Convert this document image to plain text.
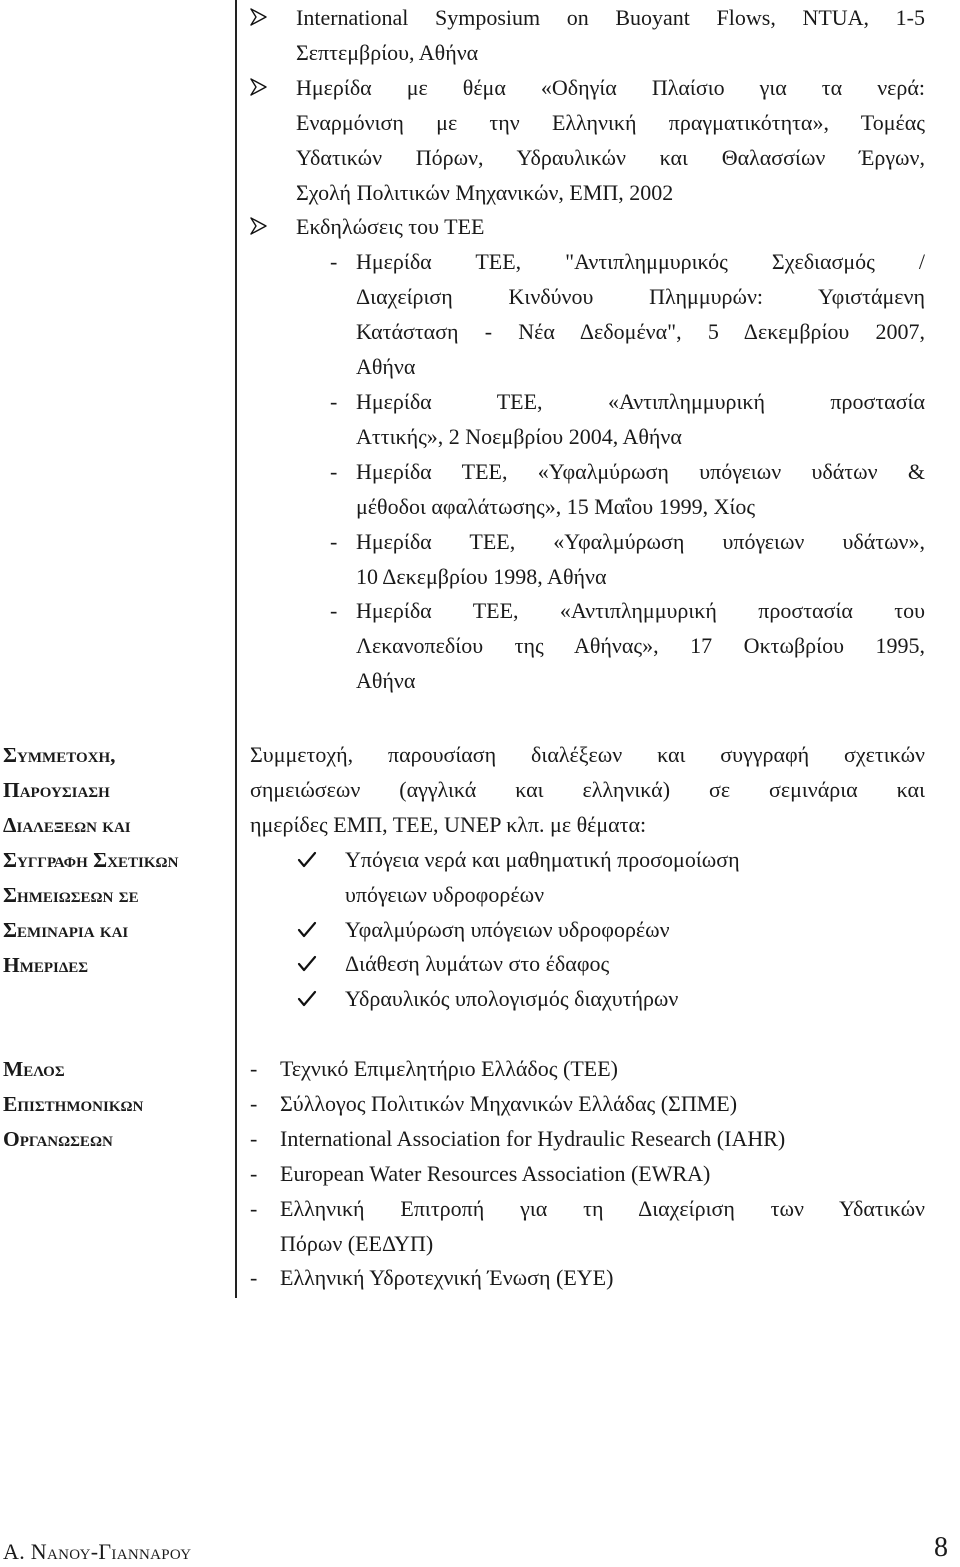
International Symposium on Buoyant Flows, NTUA, 1-5
Σεπτεμβρίου, Αθήνα
Ημερίδα με θέμα «Οδηγία Πλαίσιο για τα νερά:
Εναρμόνιση με την Ελληνική πραγματικότητα», Τομέας
Υδατικών Πόρων, Υδραυλικών και Θαλασσίων Έργων,
Σχολή Πολιτικών Μηχανικών, ΕΜΠ, 2002
Εκδηλώσεις του ΤΕΕ
- Ημερίδα ΤΕΕ, "Αντιπλημμυρικός Σχεδιασμός /
Διαχείριση Κινδύνου Πλημμυρών: Υφιστάμενη
Κατάσταση - Νέα Δεδομένα", 5 Δεκεμβρίου 2007,
Αθήνα
- Ημερίδα ΤΕΕ, «Αντιπλημμυρική προστασία
Αττικής», 2 Νοεμβρίου 2004, Αθήνα
- Ημερίδα ΤΕΕ, «Υφαλμύρωση υπόγειων υδάτων &
μέθοδοι αφαλάτωσης», 15 Μαΐου 1999, Χίος
- Ημερίδα ΤΕΕ, «Υφαλμύρωση υπόγειων υδάτων»,
10 Δεκεμβρίου 1998, Αθήνα
- Ημερίδα ΤΕΕ, «Αντιπλημμυρική προστασία του
Λεκανοπεδίου της Αθήνας», 17 Οκτωβρίου 1995,
Αθήνα
Συμμετοχη,
Παρουσιαση
Διαλεξεων και
Συγγραφη Σχετικων
Σημειωσεων σε
Σεμιναρια και
Ημεριδες
Συμμετοχή, παρουσίαση διαλέξεων και συγγραφή σχετικών
σημειώσεων (αγγλικά και ελληνικά) σε σεμινάρια και
ημερίδες ΕΜΠ, ΤΕΕ, UNEP κλπ. με θέματα:
Υπόγεια νερά και μαθηματική προσομοίωση
υπόγειων υδροφορέων
Υφαλμύρωση υπόγειων υδροφορέων
Διάθεση λυμάτων στο έδαφος
Υδραυλικός υπολογισμός διαχυτήρων
Μελος
Επιστημονικων
Οργανωσεων
- Τεχνικό Επιμελητήριο Ελλάδος (ΤΕΕ)
- Σύλλογος Πολιτικών Μηχανικών Ελλάδας (ΣΠΜΕ)
- International Association for Hydraulic Research (IAHR)
- European Water Resources Association (EWRA)
- Ελληνική Επιτροπή για τη Διαχείριση των Υδατικών
Πόρων (ΕΕΔΥΠ)
- Ελληνική Υδροτεχνική Ένωση (ΕΥΕ)
Α. Νανου-Γιανναρου	8
